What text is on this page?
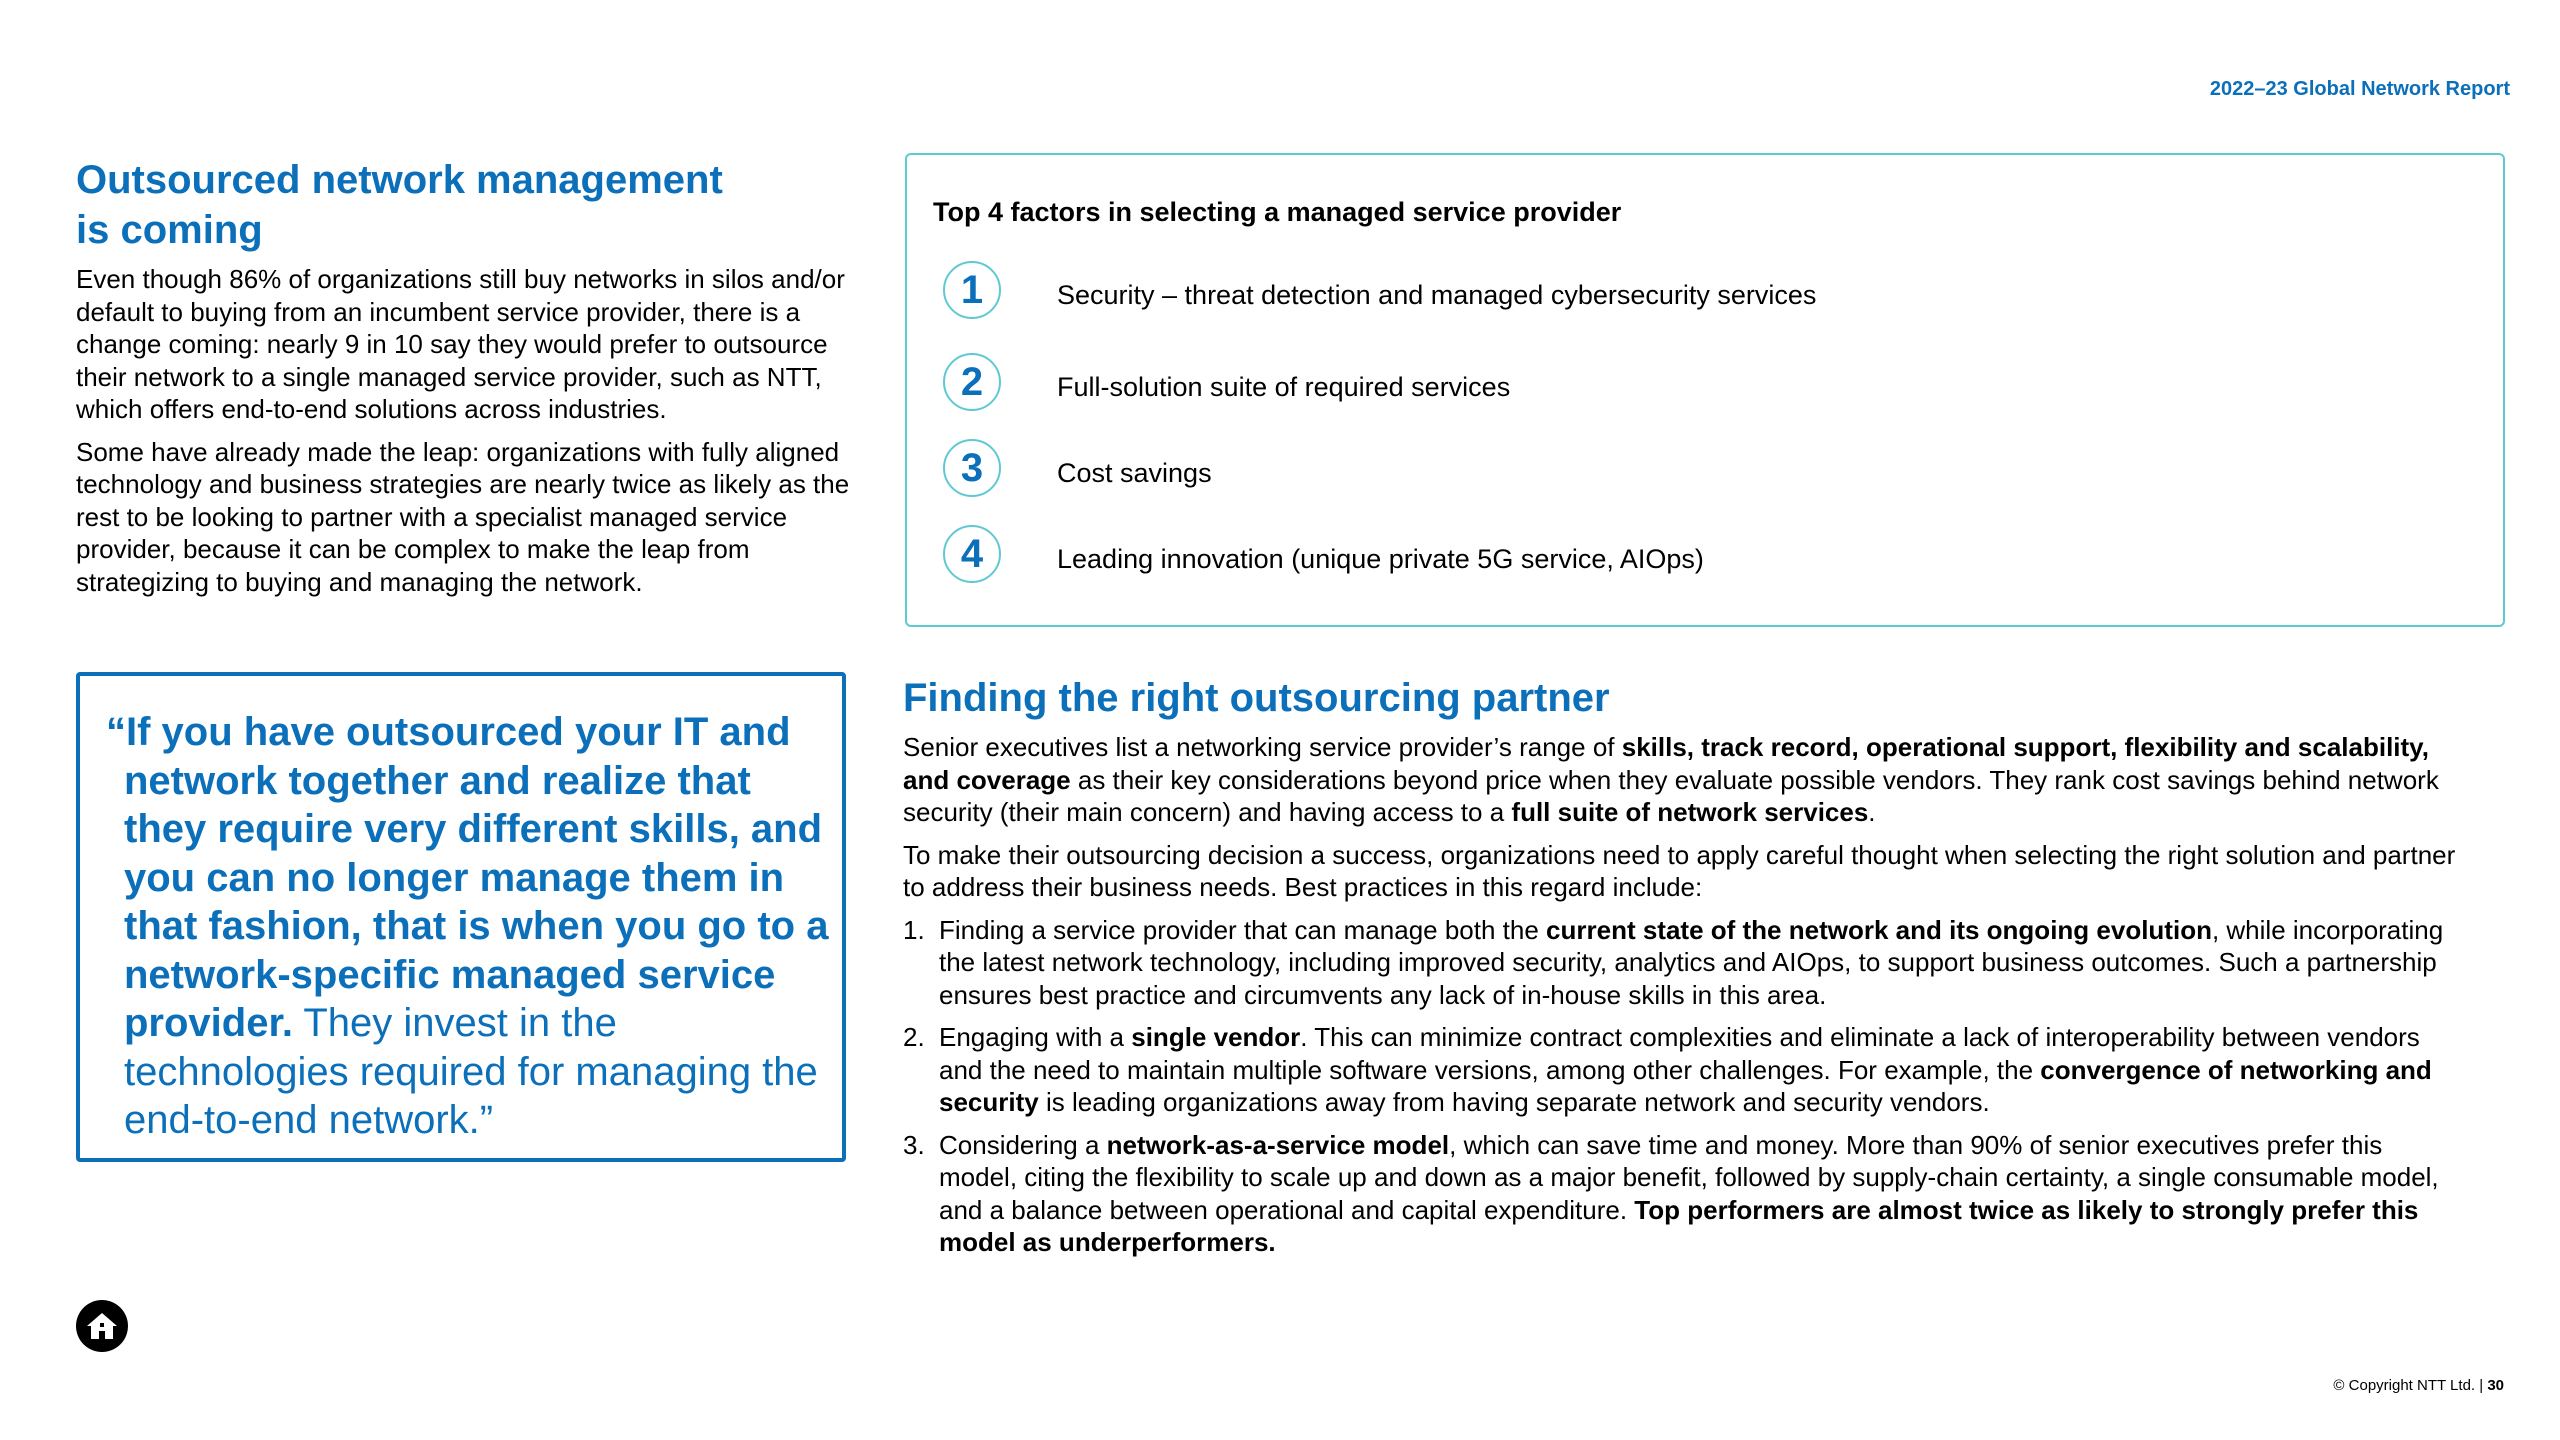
2022–23 Global Network Report
Outsourced network management
is coming

Even though 86% of organizations still buy networks in silos and/or default to buying from an incumbent service provider, there is a change coming: nearly 9 in 10 say they would prefer to outsource their network to a single managed service provider, such as NTT, which offers end-to-end solutions across industries.

Some have already made the leap: organizations with fully aligned technology and business strategies are nearly twice as likely as the rest to be looking to partner with a specialist managed service provider, because it can be complex to make the leap from strategizing to buying and managing the network.

“If you have outsourced your IT and network together and realize that they require very different skills, and you can no longer manage them in that fashion, that is when you go to a network-specific managed service provider. They invest in the technologies required for managing the end-to-end network.”
Top 4 factors in selecting a managed service provider
1	Security – threat detection and managed cybersecurity services
2	Full-solution suite of required services
3	Cost savings
4	Leading innovation (unique private 5G service, AIOps)
Finding the right outsourcing partner

Senior executives list a networking service provider’s range of skills, track record, operational support, flexibility and scalability, and coverage as their key considerations beyond price when they evaluate possible vendors. They rank cost savings behind network security (their main concern) and having access to a full suite of network services.

To make their outsourcing decision a success, organizations need to apply careful thought when selecting the right solution and partner to address their business needs. Best practices in this regard include:

1. Finding a service provider that can manage both the current state of the network and its ongoing evolution, while incorporating the latest network technology, including improved security, analytics and AIOps, to support business outcomes. Such a partnership ensures best practice and circumvents any lack of in-house skills in this area.
2. Engaging with a single vendor. This can minimize contract complexities and eliminate a lack of interoperability between vendors and the need to maintain multiple software versions, among other challenges. For example, the convergence of networking and security is leading organizations away from having separate network and security vendors.
3. Considering a network-as-a-service model, which can save time and money. More than 90% of senior executives prefer this model, citing the flexibility to scale up and down as a major benefit, followed by supply-chain certainty, a single consumable model, and a balance between operational and capital expenditure. Top performers are almost twice as likely to strongly prefer this model as underperformers.
© Copyright NTT Ltd. | 30
